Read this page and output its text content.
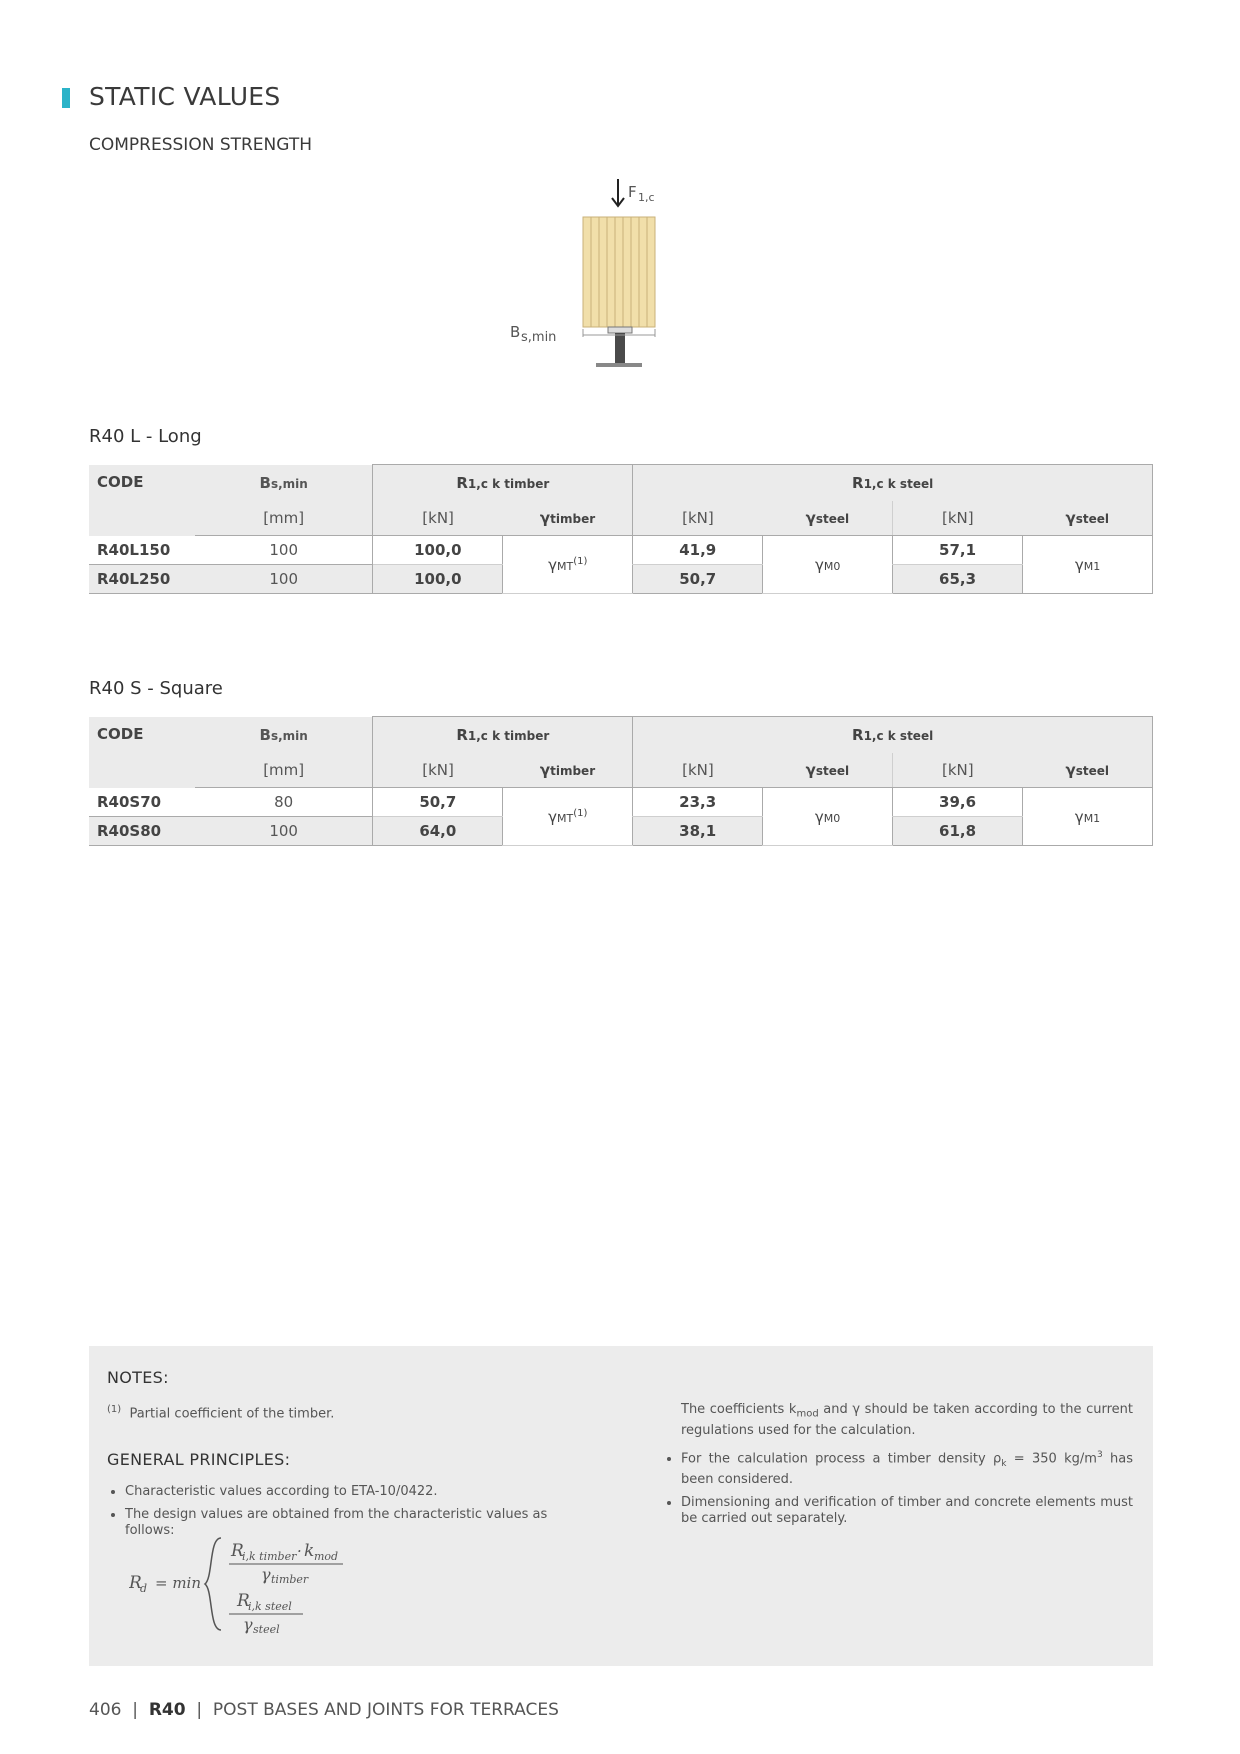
STATIC VALUES
COMPRESSION STRENGTH
F 1,c
B s,min
R40 L - Long
CODE	Bs,min	R1,c k timber		R1,c k steel			
	[mm]	[kN]	γtimber	[kN]	γsteel	[kN]	γsteel
R40L150	100	100,0	γMT$^{(1)}$	41,9	γM0	57,1	γM1
R40L250	100	100,0		50,7		65,3	
R40 S - Square
CODE	Bs,min	R1,c k timber		R1,c k steel			
	[mm]	[kN]	γtimber	[kN]	γsteel	[kN]	γsteel
R40S70	80	50,7	γMT$^{(1)}$	23,3	γM0	39,6	γM1
R40S80	100	64,0		38,1		61,8	
NOTES:
$^{(1)}$ Partial coefficient of the timber.
GENERAL PRINCIPLES:
• Characteristic values according to ETA-10/0422.
• The design values are obtained from the characteristic values as follows:
R
d = min
R
i,k timber · k mod
γ timber
R
i,k steel
γ steel
The coefficients $k_{mod}$ and γ should be taken according to the current regulations used for the calculation.
• For the calculation process a timber density $\rho_k = 350$ $kg/m^3$ has been considered.
• Dimensioning and verification of timber and concrete elements must be carried out separately.
406 | R40 | POST BASES AND JOINTS FOR TERRACES
